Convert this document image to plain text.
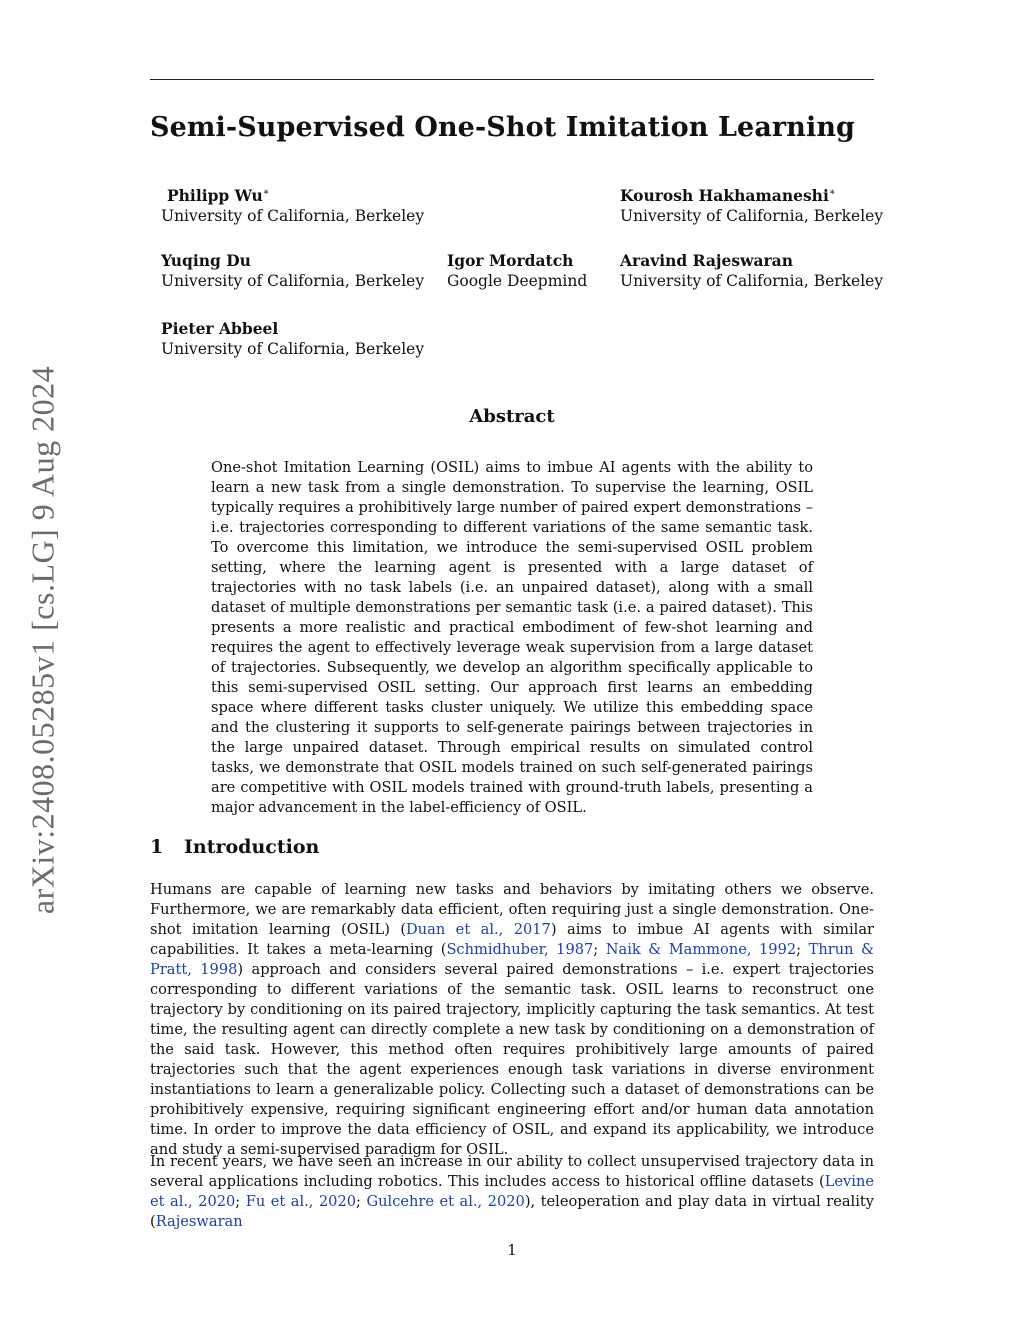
arXiv:2408.05285v1 [cs.LG] 9 Aug 2024
Semi-Supervised One-Shot Imitation Learning
Philipp Wu∗
University of California, Berkeley
Kourosh Hakhamaneshi∗
University of California, Berkeley
Yuqing Du
University of California, Berkeley
Igor Mordatch
Google Deepmind
Aravind Rajeswaran
University of California, Berkeley
Pieter Abbeel
University of California, Berkeley
Abstract

One-shot Imitation Learning (OSIL) aims to imbue AI agents with the ability to learn a new task from a single demonstration. To supervise the learning, OSIL typically requires a prohibitively large number of paired expert demonstrations – i.e. trajectories corresponding to different variations of the same semantic task. To overcome this limitation, we introduce the semi-supervised OSIL problem setting, where the learning agent is presented with a large dataset of trajectories with no task labels (i.e. an unpaired dataset), along with a small dataset of multiple demonstrations per semantic task (i.e. a paired dataset). This presents a more realistic and practical embodiment of few-shot learning and requires the agent to effectively leverage weak supervision from a large dataset of trajectories. Subsequently, we develop an algorithm specifically applicable to this semi-supervised OSIL setting. Our approach first learns an embedding space where different tasks cluster uniquely. We utilize this embedding space and the clustering it supports to self-generate pairings between trajectories in the large unpaired dataset. Through empirical results on simulated control tasks, we demonstrate that OSIL models trained on such self-generated pairings are competitive with OSIL models trained with ground-truth labels, presenting a major advancement in the label-efficiency of OSIL.

1 Introduction

Humans are capable of learning new tasks and behaviors by imitating others we observe. Furthermore, we are remarkably data efficient, often requiring just a single demonstration. One-shot imitation learning (OSIL) (Duan et al., 2017) aims to imbue AI agents with similar capabilities. It takes a meta-learning (Schmidhuber, 1987; Naik & Mammone, 1992; Thrun & Pratt, 1998) approach and considers several paired demonstrations – i.e. expert trajectories corresponding to different variations of the semantic task. OSIL learns to reconstruct one trajectory by conditioning on its paired trajectory, implicitly capturing the task semantics. At test time, the resulting agent can directly complete a new task by conditioning on a demonstration of the said task. However, this method often requires prohibitively large amounts of paired trajectories such that the agent experiences enough task variations in diverse environment instantiations to learn a generalizable policy. Collecting such a dataset of demonstrations can be prohibitively expensive, requiring significant engineering effort and/or human data annotation time. In order to improve the data efficiency of OSIL, and expand its applicability, we introduce and study a semi-supervised paradigm for OSIL.

In recent years, we have seen an increase in our ability to collect unsupervised trajectory data in several applications including robotics. This includes access to historical offline datasets (Levine et al., 2020; Fu et al., 2020; Gulcehre et al., 2020), teleoperation and play data in virtual reality (Rajeswaran

1
